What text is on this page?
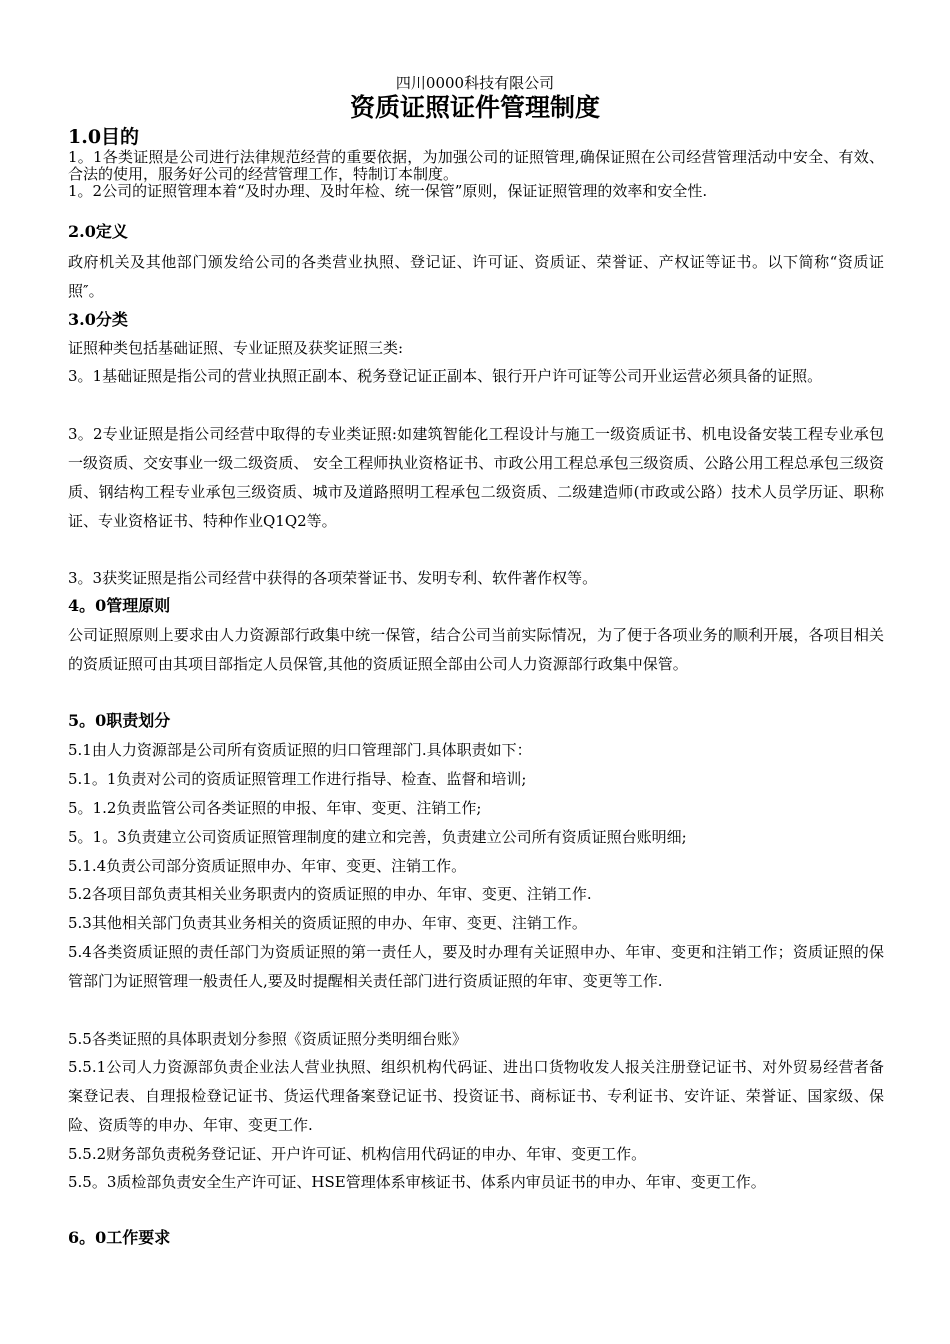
四川0000科技有限公司
资质证照证件管理制度
1.0目的
1。1各类证照是公司进行法律规范经营的重要依据，为加强公司的证照管理,确保证照在公司经营管理活动中安全、有效、合法的使用，服务好公司的经营管理工作，特制订本制度。
1。2公司的证照管理本着“及时办理、及时年检、统一保管”原则，保证证照管理的效率和安全性.
2.0定义
政府机关及其他部门颁发给公司的各类营业执照、登记证、许可证、资质证、荣誉证、产权证等证书。以下简称“资质证照″。
3.0分类
证照种类包括基础证照、专业证照及获奖证照三类:
3。1基础证照是指公司的营业执照正副本、税务登记证正副本、银行开户许可证等公司开业运营必须具备的证照。
3。2专业证照是指公司经营中取得的专业类证照:如建筑智能化工程设计与施工一级资质证书、机电设备安装工程专业承包一级资质、交安事业一级二级资质、 安全工程师执业资格证书、市政公用工程总承包三级资质、公路公用工程总承包三级资质、钢结构工程专业承包三级资质、城市及道路照明工程承包二级资质、二级建造师(市政或公路）技术人员学历证、职称证、专业资格证书、特种作业Q1Q2等。
3。3获奖证照是指公司经营中获得的各项荣誉证书、发明专利、软件著作权等。
4。0管理原则
公司证照原则上要求由人力资源部行政集中统一保管，结合公司当前实际情况，为了便于各项业务的顺利开展，各项目相关的资质证照可由其项目部指定人员保管,其他的资质证照全部由公司人力资源部行政集中保管。
5。0职责划分
5.1由人力资源部是公司所有资质证照的归口管理部门.具体职责如下：
5.1。1负责对公司的资质证照管理工作进行指导、检查、监督和培训;
5。1.2负责监管公司各类证照的申报、年审、变更、注销工作;
5。1。3负责建立公司资质证照管理制度的建立和完善，负责建立公司所有资质证照台账明细;
5.1.4负责公司部分资质证照申办、年审、变更、注销工作。
5.2各项目部负责其相关业务职责内的资质证照的申办、年审、变更、注销工作.
5.3其他相关部门负责其业务相关的资质证照的申办、年审、变更、注销工作。
5.4各类资质证照的责任部门为资质证照的第一责任人，要及时办理有关证照申办、年审、变更和注销工作；资质证照的保管部门为证照管理一般责任人,要及时提醒相关责任部门进行资质证照的年审、变更等工作.
5.5各类证照的具体职责划分参照《资质证照分类明细台账》
5.5.1公司人力资源部负责企业法人营业执照、组织机构代码证、进出口货物收发人报关注册登记证书、对外贸易经营者备案登记表、自理报检登记证书、货运代理备案登记证书、投资证书、商标证书、专利证书、安许证、荣誉证、国家级、保险、资质等的申办、年审、变更工作.
5.5.2财务部负责税务登记证、开户许可证、机构信用代码证的申办、年审、变更工作。
5.5。3质检部负责安全生产许可证、HSE管理体系审核证书、体系内审员证书的申办、年审、变更工作。
6。0工作要求
